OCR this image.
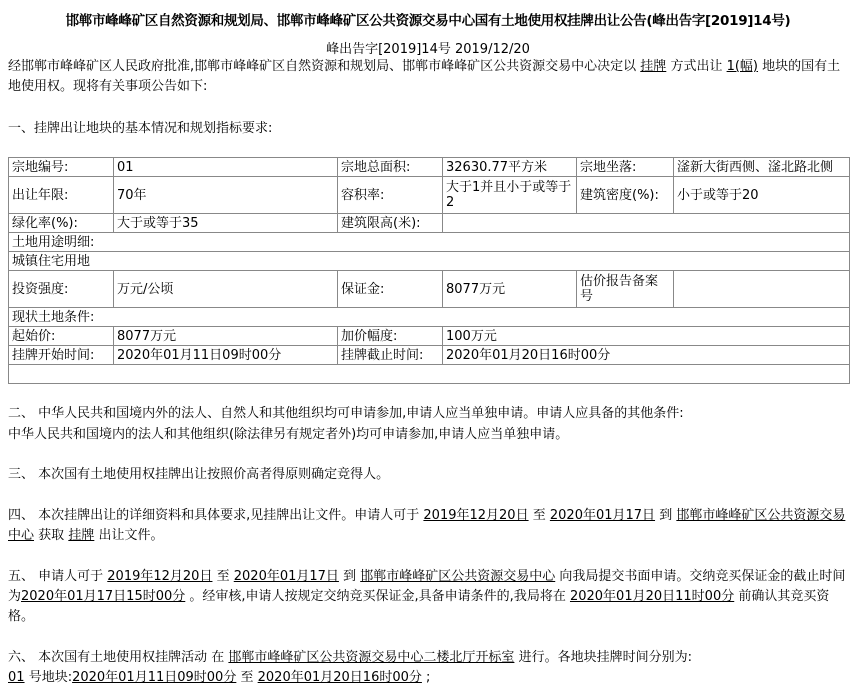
邯郸市峰峰矿区自然资源和规划局、邯郸市峰峰矿区公共资源交易中心国有土地使用权挂牌出让公告(峰出告字[2019]14号)
峰出告字[2019]14号 2019/12/20
经邯郸市峰峰矿区人民政府批准,邯郸市峰峰矿区自然资源和规划局、邯郸市峰峰矿区公共资源交易中心决定以 挂牌 方式出让 1(幅) 地块的国有土地使用权。现将有关事项公告如下:
一、挂牌出让地块的基本情况和规划指标要求:
宗地编号:	01	宗地总面积:	32630.77平方米	宗地坐落:	滏新大街西侧、滏北路北侧
出让年限:	70年	容积率:	大于1并且小于或等于2	建筑密度(%):	小于或等于20
绿化率(%):	大于或等于35	建筑限高(米):			
土地用途明细:					
城镇住宅用地					
投资强度:	万元/公顷	保证金:	8077万元	估价报告备案号	
现状土地条件:					
起始价:	8077万元	加价幅度:	100万元		
挂牌开始时间:	2020年01月11日09时00分	挂牌截止时间:	2020年01月20日16时00分		

二、 中华人民共和国境内外的法人、自然人和其他组织均可申请参加,申请人应当单独申请。申请人应具备的其他条件:
中华人民共和国境内的法人和其他组织(除法律另有规定者外)均可申请参加,申请人应当单独申请。
三、 本次国有土地使用权挂牌出让按照价高者得原则确定竞得人。
四、 本次挂牌出让的详细资料和具体要求,见挂牌出让文件。申请人可于 2019年12月20日 至 2020年01月17日 到 邯郸市峰峰矿区公共资源交易中心 获取 挂牌 出让文件。
五、 申请人可于 2019年12月20日 至 2020年01月17日 到 邯郸市峰峰矿区公共资源交易中心 向我局提交书面申请。交纳竞买保证金的截止时间为2020年01月17日15时00分 。经审核,申请人按规定交纳竞买保证金,具备申请条件的,我局将在 2020年01月20日11时00分 前确认其竞买资格。
六、 本次国有土地使用权挂牌活动 在 邯郸市峰峰矿区公共资源交易中心二楼北厅开标室 进行。各地块挂牌时间分别为:
01 号地块:2020年01月11日09时00分 至 2020年01月20日16时00分 ;
